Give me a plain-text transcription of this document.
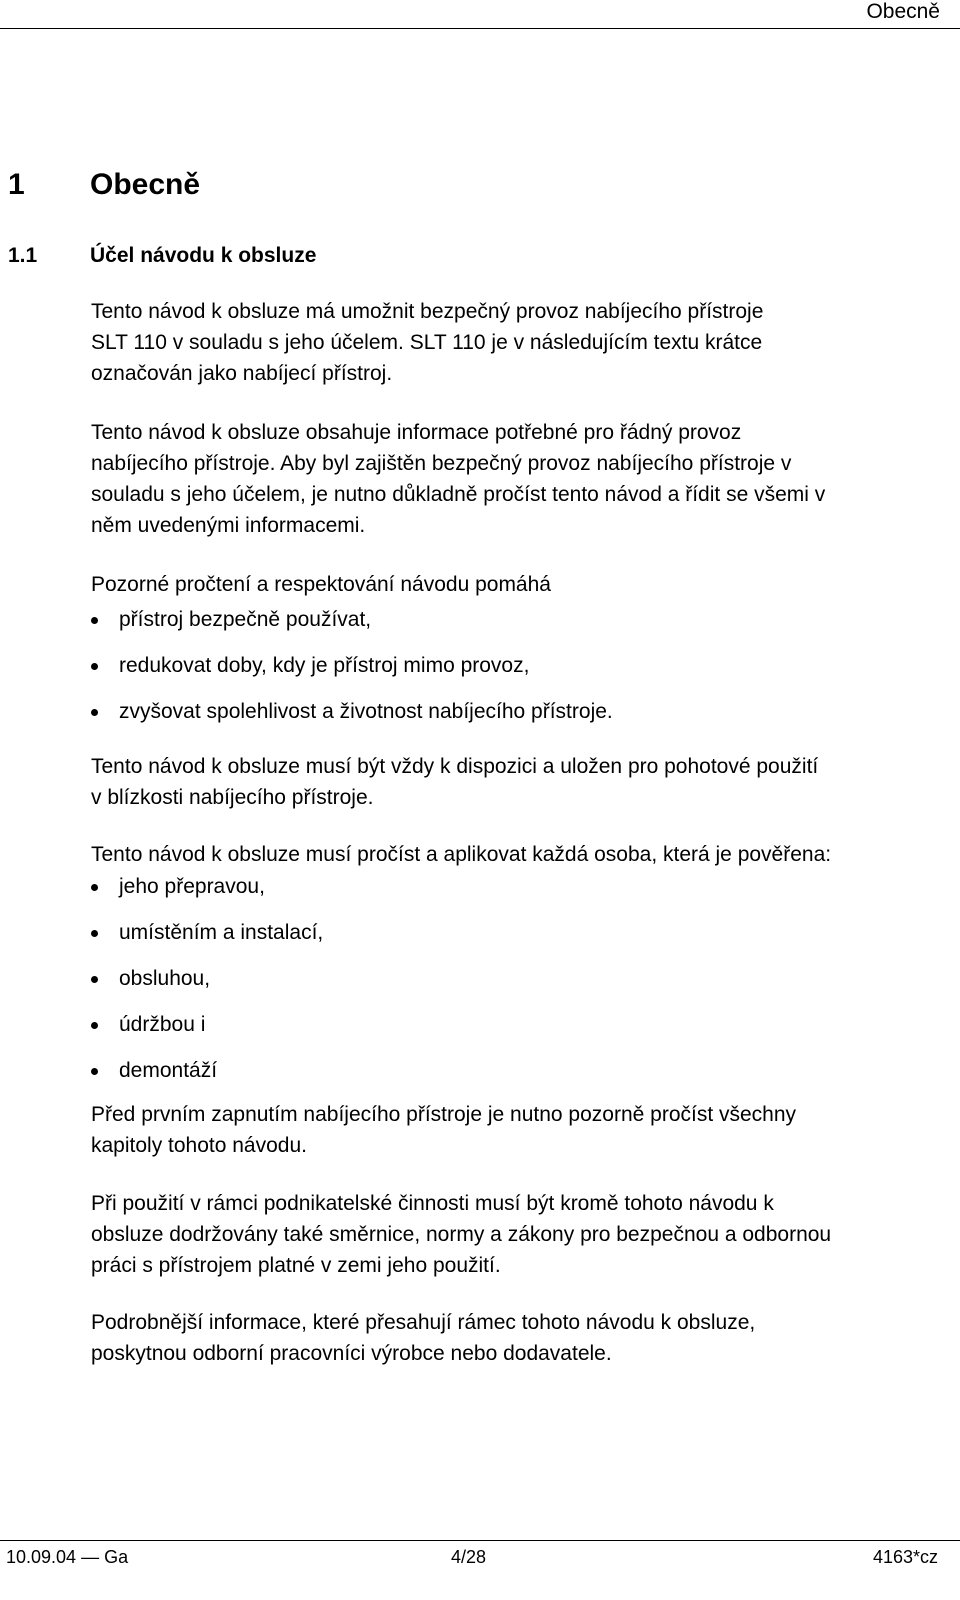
Obecně
1 Obecně
1.1	Účel návodu k obsluze
Tento návod k obsluze má umožnit bezpečný provoz nabíjecího přístroje
SLT 110 v souladu s jeho účelem. SLT 110 je v následujícím textu krátce
označován jako nabíjecí přístroj.
Tento návod k obsluze obsahuje informace potřebné pro řádný provoz
nabíjecího přístroje. Aby byl zajištěn bezpečný provoz nabíjecího přístroje v
souladu s jeho účelem, je nutno důkladně pročíst tento návod a řídit se všemi v
něm uvedenými informacemi.
Pozorné pročtení a respektování návodu pomáhá
přístroj bezpečně používat,
redukovat doby, kdy je přístroj mimo provoz,
zvyšovat spolehlivost a životnost nabíjecího přístroje.
Tento návod k obsluze musí být vždy k dispozici a uložen pro pohotové použití
v blízkosti nabíjecího přístroje.
Tento návod k obsluze musí pročíst a aplikovat každá osoba, která je pověřena:
jeho přepravou,
umístěním a instalací,
obsluhou,
údržbou i
demontáží
Před prvním zapnutím nabíjecího přístroje je nutno pozorně pročíst všechny
kapitoly tohoto návodu.
Při použití v rámci podnikatelské činnosti musí být kromě tohoto návodu k
obsluze dodržovány také směrnice, normy a zákony pro bezpečnou a odbornou
práci s přístrojem platné v zemi jeho použití.
Podrobnější informace, které přesahují rámec tohoto návodu k obsluze,
poskytnou odborní pracovníci výrobce nebo dodavatele.
10.09.04 — Ga	4/28	4163*cz
